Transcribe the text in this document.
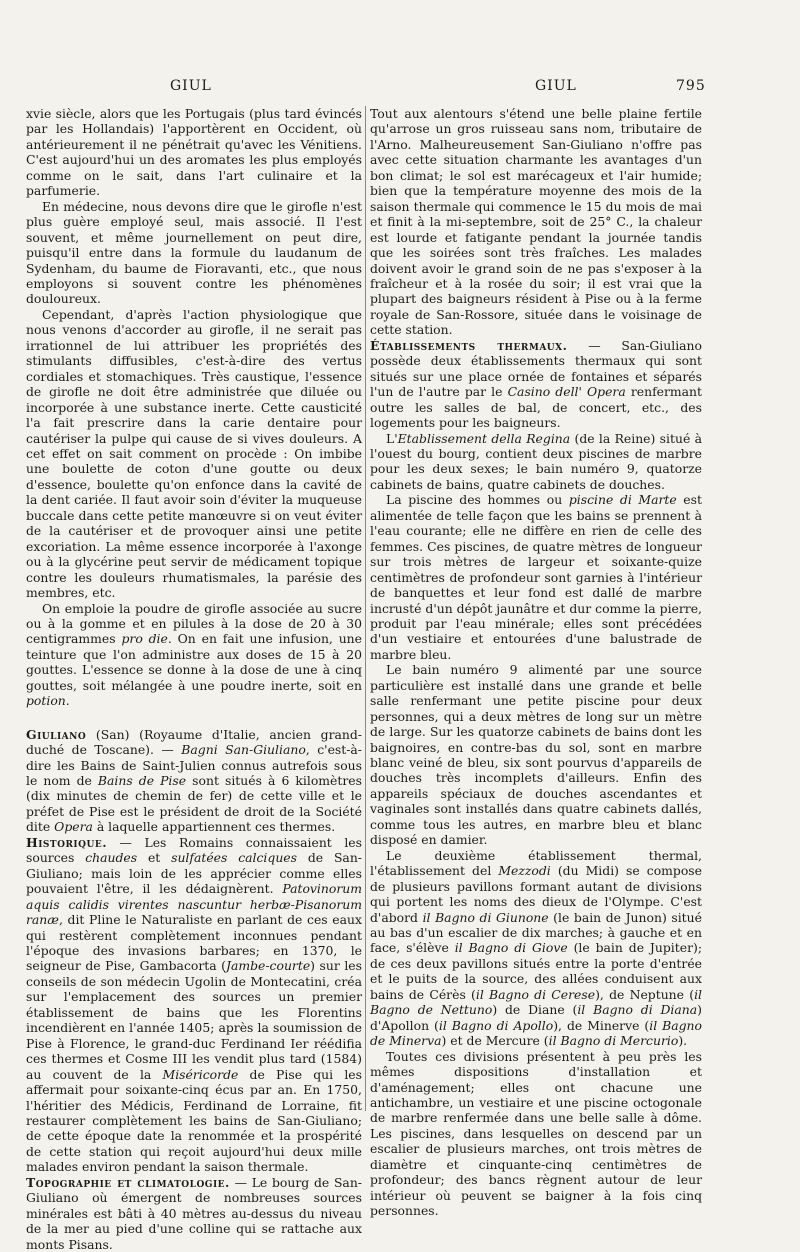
GIUL	GIUL	795

xvie siècle, alors que les Portugais (plus tard évincés par les Hollandais) l'apportèrent en Occident, où antérieurement il ne pénétrait qu'avec les Vénitiens. C'est aujourd'hui un des aromates les plus employés comme on le sait, dans l'art culinaire et la parfumerie.

En médecine, nous devons dire que le girofle n'est plus guère employé seul, mais associé. Il l'est souvent, et même journellement on peut dire, puisqu'il entre dans la formule du laudanum de Sydenham, du baume de Fioravanti, etc., que nous employons si souvent contre les phénomènes douloureux.

Cependant, d'après l'action physiologique que nous venons d'accorder au girofle, il ne serait pas irrationnel de lui attribuer les propriétés des stimulants diffusibles, c'est-à-dire des vertus cordiales et stomachiques. Très caustique, l'essence de girofle ne doit être administrée que diluée ou incorporée à une substance inerte. Cette causticité l'a fait prescrire dans la carie dentaire pour cautériser la pulpe qui cause de si vives douleurs. A cet effet on sait comment on procède : On imbibe une boulette de coton d'une goutte ou deux d'essence, boulette qu'on enfonce dans la cavité de la dent cariée. Il faut avoir soin d'éviter la muqueuse buccale dans cette petite manœuvre si on veut éviter de la cautériser et de provoquer ainsi une petite excoriation. La même essence incorporée à l'axonge ou à la glycérine peut servir de médicament topique contre les douleurs rhumatismales, la parésie des membres, etc.

On emploie la poudre de girofle associée au sucre ou à la gomme et en pilules à la dose de 20 à 30 centigrammes pro die. On en fait une infusion, une teinture que l'on administre aux doses de 15 à 20 gouttes. L'essence se donne à la dose de une à cinq gouttes, soit mélangée à une poudre inerte, soit en potion.

Giuliano (San) (Royaume d'Italie, ancien grand-duché de Toscane). — Bagni San-Giuliano, c'est-à-dire les Bains de Saint-Julien connus autrefois sous le nom de Bains de Pise sont situés à 6 kilomètres (dix minutes de chemin de fer) de cette ville et le préfet de Pise est le président de droit de la Société dite Opera à laquelle appartiennent ces thermes.

Historique. — Les Romains connaissaient les sources chaudes et sulfatées calciques de San-Giuliano; mais loin de les apprécier comme elles pouvaient l'être, il les dédaignèrent. Patovinorum aquis calidis virentes nascuntur herbæ-Pisanorum ranæ, dit Pline le Naturaliste en parlant de ces eaux qui restèrent complètement inconnues pendant l'époque des invasions barbares; en 1370, le seigneur de Pise, Gambacorta (Jambe-courte) sur les conseils de son médecin Ugolin de Montecatini, créa sur l'emplacement des sources un premier établissement de bains que les Florentins incendièrent en l'année 1405; après la soumission de Pise à Florence, le grand-duc Ferdinand Ier réédifia ces thermes et Cosme III les vendit plus tard (1584) au couvent de la Miséricorde de Pise qui les affermait pour soixante-cinq écus par an. En 1750, l'héritier des Médicis, Ferdinand de Lorraine, fit restaurer complètement les bains de San-Giuliano; de cette époque date la renommée et la prospérité de cette station qui reçoit aujourd'hui deux mille malades environ pendant la saison thermale.

Topographie et climatologie. — Le bourg de San-Giuliano où émergent de nombreuses sources minérales est bâti à 40 mètres au-dessus du niveau de la mer au pied d'une colline qui se rattache aux monts Pisans.

Tout aux alentours s'étend une belle plaine fertile qu'arrose un gros ruisseau sans nom, tributaire de l'Arno. Malheureusement San-Giuliano n'offre pas avec cette situation charmante les avantages d'un bon climat; le sol est marécageux et l'air humide; bien que la température moyenne des mois de la saison thermale qui commence le 15 du mois de mai et finit à la mi-septembre, soit de 25° C., la chaleur est lourde et fatigante pendant la journée tandis que les soirées sont très fraîches. Les malades doivent avoir le grand soin de ne pas s'exposer à la fraîcheur et à la rosée du soir; il est vrai que la plupart des baigneurs résident à Pise ou à la ferme royale de San-Rossore, située dans le voisinage de cette station.

Établissements thermaux. — San-Giuliano possède deux établissements thermaux qui sont situés sur une place ornée de fontaines et séparés l'un de l'autre par le Casino dell' Opera renfermant outre les salles de bal, de concert, etc., des logements pour les baigneurs.

L'Etablissement della Regina (de la Reine) situé à l'ouest du bourg, contient deux piscines de marbre pour les deux sexes; le bain numéro 9, quatorze cabinets de bains, quatre cabinets de douches.

La piscine des hommes ou piscine di Marte est alimentée de telle façon que les bains se prennent à l'eau courante; elle ne diffère en rien de celle des femmes. Ces piscines, de quatre mètres de longueur sur trois mètres de largeur et soixante-quize centimètres de profondeur sont garnies à l'intérieur de banquettes et leur fond est dallé de marbre incrusté d'un dépôt jaunâtre et dur comme la pierre, produit par l'eau minérale; elles sont précédées d'un vestiaire et entourées d'une balustrade de marbre bleu.

Le bain numéro 9 alimenté par une source particulière est installé dans une grande et belle salle renfermant une petite piscine pour deux personnes, qui a deux mètres de long sur un mètre de large. Sur les quatorze cabinets de bains dont les baignoires, en contre-bas du sol, sont en marbre blanc veiné de bleu, six sont pourvus d'appareils de douches très incomplets d'ailleurs. Enfin des appareils spéciaux de douches ascendantes et vaginales sont installés dans quatre cabinets dallés, comme tous les autres, en marbre bleu et blanc disposé en damier.

Le deuxième établissement thermal, l'établissement del Mezzodi (du Midi) se compose de plusieurs pavillons formant autant de divisions qui portent les noms des dieux de l'Olympe. C'est d'abord il Bagno di Giunone (le bain de Junon) situé au bas d'un escalier de dix marches; à gauche et en face, s'élève il Bagno di Giove (le bain de Jupiter); de ces deux pavillons situés entre la porte d'entrée et le puits de la source, des allées conduisent aux bains de Cérès (il Bagno di Cerese), de Neptune (il Bagno de Nettuno) de Diane (il Bagno di Diana) d'Apollon (il Bagno di Apollo), de Minerve (il Bagno de Minerva) et de Mercure (il Bagno di Mercurio).

Toutes ces divisions présentent à peu près les mêmes dispositions d'installation et d'aménagement; elles ont chacune une antichambre, un vestiaire et une piscine octogonale de marbre renfermée dans une belle salle à dôme. Les piscines, dans lesquelles on descend par un escalier de plusieurs marches, ont trois mètres de diamètre et cinquante-cinq centimètres de profondeur; des bancs règnent autour de leur intérieur où peuvent se baigner à la fois cinq personnes.
